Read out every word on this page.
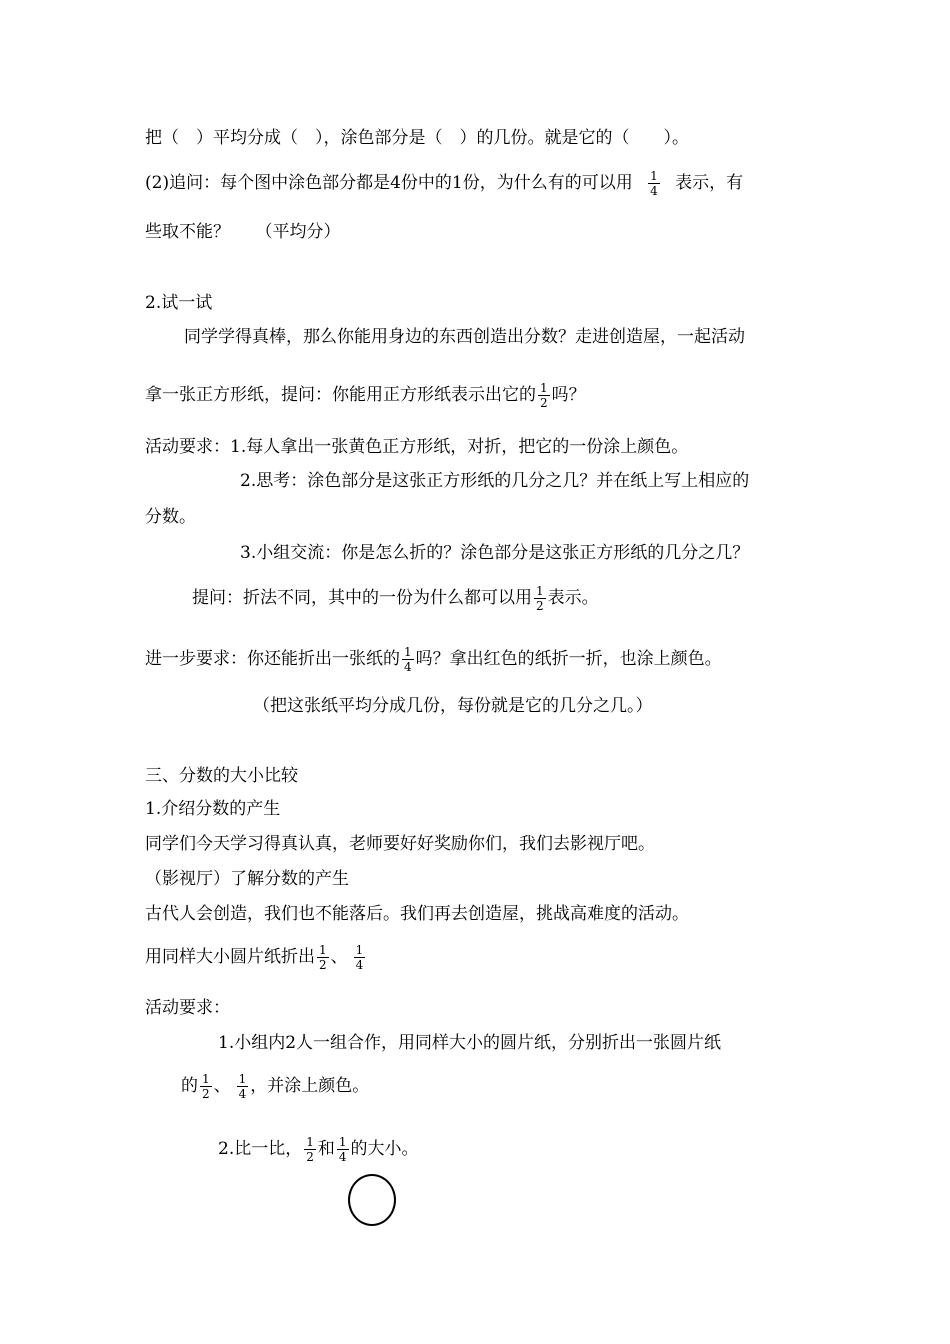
把（　）平均分成（　），涂色部分是（　）的几份。就是它的（　　）。
(2)追问：每个图中涂色部分都是4份中的1份，为什么有的可以用 $\frac{1}{4}$ 表示，有
些取不能？　　（平均分）
2.试一试
同学学得真棒，那么你能用身边的东西创造出分数？走进创造屋，一起活动
拿一张正方形纸，提问：你能用正方形纸表示出它的 $\frac{1}{2}$ 吗？
活动要求：1.每人拿出一张黄色正方形纸，对折，把它的一份涂上颜色。
2.思考：涂色部分是这张正方形纸的几分之几？并在纸上写上相应的
分数。
3.小组交流：你是怎么折的？涂色部分是这张正方形纸的几分之几？
提问：折法不同，其中的一份为什么都可以用 $\frac{1}{2}$ 表示。
进一步要求：你还能折出一张纸的 $\frac{1}{4}$ 吗？拿出红色的纸折一折，也涂上颜色。
（把这张纸平均分成几份，每份就是它的几分之几。）
三、分数的大小比较
1.介绍分数的产生
同学们今天学习得真认真，老师要好好奖励你们，我们去影视厅吧。
（影视厅）了解分数的产生
古代人会创造，我们也不能落后。我们再去创造屋，挑战高难度的活动。
用同样大小圆片纸折出 $\frac{1}{2}$ 、 $\frac{1}{4}$
活动要求：
1.小组内2人一组合作，用同样大小的圆片纸，分别折出一张圆片纸
的 $\frac{1}{2}$ 、 $\frac{1}{4}$ ，并涂上颜色。
2.比一比， $\frac{1}{2}$ 和 $\frac{1}{4}$ 的大小。
